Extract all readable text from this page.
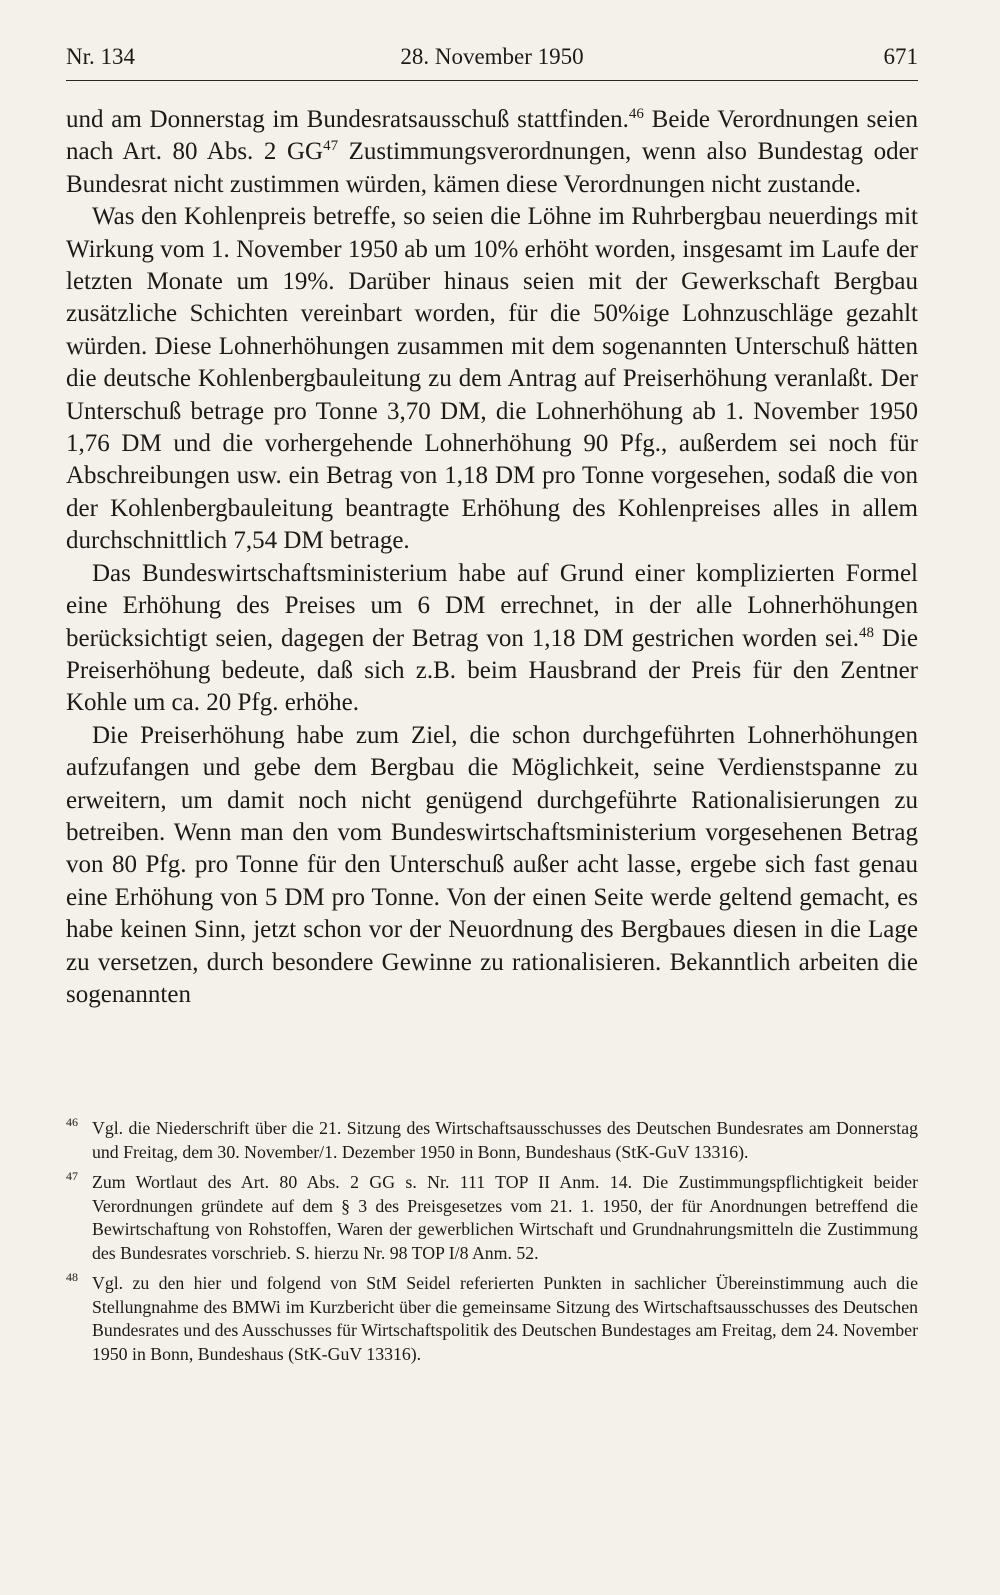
Nr. 134	28. November 1950	671

und am Donnerstag im Bundesratsausschuß stattfinden.$^{46}$ Beide Verordnungen seien nach Art. 80 Abs. 2 GG$^{47}$ Zustimmungsverordnungen, wenn also Bundestag oder Bundesrat nicht zustimmen würden, kämen diese Verordnungen nicht zustande.

Was den Kohlenpreis betreffe, so seien die Löhne im Ruhrbergbau neuerdings mit Wirkung vom 1. November 1950 ab um 10% erhöht worden, insgesamt im Laufe der letzten Monate um 19%. Darüber hinaus seien mit der Gewerkschaft Bergbau zusätzliche Schichten vereinbart worden, für die 50%ige Lohnzuschläge gezahlt würden. Diese Lohnerhöhungen zusammen mit dem sogenannten Unterschuß hätten die deutsche Kohlenbergbauleitung zu dem Antrag auf Preiserhöhung veranlaßt. Der Unterschuß betrage pro Tonne 3,70 DM, die Lohnerhöhung ab 1. November 1950 1,76 DM und die vorhergehende Lohnerhöhung 90 Pfg., außerdem sei noch für Abschreibungen usw. ein Betrag von 1,18 DM pro Tonne vorgesehen, sodaß die von der Kohlenbergbauleitung beantragte Erhöhung des Kohlenpreises alles in allem durchschnittlich 7,54 DM betrage.

Das Bundeswirtschaftsministerium habe auf Grund einer komplizierten Formel eine Erhöhung des Preises um 6 DM errechnet, in der alle Lohnerhöhungen berücksichtigt seien, dagegen der Betrag von 1,18 DM gestrichen worden sei.$^{48}$ Die Preiserhöhung bedeute, daß sich z.B. beim Hausbrand der Preis für den Zentner Kohle um ca. 20 Pfg. erhöhe.

Die Preiserhöhung habe zum Ziel, die schon durchgeführten Lohnerhöhungen aufzufangen und gebe dem Bergbau die Möglichkeit, seine Verdienstspanne zu erweitern, um damit noch nicht genügend durchgeführte Rationalisierungen zu betreiben. Wenn man den vom Bundeswirtschaftsministerium vorgesehenen Betrag von 80 Pfg. pro Tonne für den Unterschuß außer acht lasse, ergebe sich fast genau eine Erhöhung von 5 DM pro Tonne. Von der einen Seite werde geltend gemacht, es habe keinen Sinn, jetzt schon vor der Neuordnung des Bergbaues diesen in die Lage zu versetzen, durch besondere Gewinne zu rationalisieren. Bekanntlich arbeiten die sogenannten

46 Vgl. die Niederschrift über die 21. Sitzung des Wirtschaftsausschusses des Deutschen Bundesrates am Donnerstag und Freitag, dem 30. November/1. Dezember 1950 in Bonn, Bundeshaus (StK-GuV 13316).
47 Zum Wortlaut des Art. 80 Abs. 2 GG s. Nr. 111 TOP II Anm. 14. Die Zustimmungspflichtigkeit beider Verordnungen gründete auf dem § 3 des Preisgesetzes vom 21. 1. 1950, der für Anordnungen betreffend die Bewirtschaftung von Rohstoffen, Waren der gewerblichen Wirtschaft und Grundnahrungsmitteln die Zustimmung des Bundesrates vorschrieb. S. hierzu Nr. 98 TOP I/8 Anm. 52.
48 Vgl. zu den hier und folgend von StM Seidel referierten Punkten in sachlicher Übereinstimmung auch die Stellungnahme des BMWi im Kurzbericht über die gemeinsame Sitzung des Wirtschaftsausschusses des Deutschen Bundesrates und des Ausschusses für Wirtschaftspolitik des Deutschen Bundestages am Freitag, dem 24. November 1950 in Bonn, Bundeshaus (StK-GuV 13316).
